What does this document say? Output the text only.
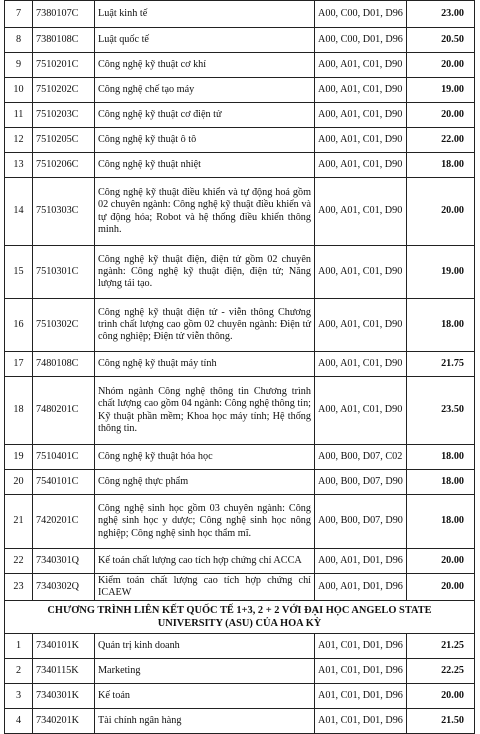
7	7380107C	Luật kinh tế	A00, C00, D01, D96	23.00
8	7380108C	Luật quốc tế	A00, C00, D01, D96	20.50
9	7510201C	Công nghệ kỹ thuật cơ khí	A00, A01, C01, D90	20.00
10	7510202C	Công nghệ chế tạo máy	A00, A01, C01, D90	19.00
11	7510203C	Công nghệ kỹ thuật cơ điện tử	A00, A01, C01, D90	20.00
12	7510205C	Công nghệ kỹ thuật ô tô	A00, A01, C01, D90	22.00
13	7510206C	Công nghệ kỹ thuật nhiệt	A00, A01, C01, D90	18.00
14	7510303C	Công nghệ kỹ thuật điều khiển và tự động hoá gồm 02 chuyên ngành: Công nghệ kỹ thuật điều khiển và tự động hóa; Robot và hệ thống điều khiển thông minh.	A00, A01, C01, D90	20.00
15	7510301C	Công nghệ kỹ thuật điện, điện tử gồm 02 chuyên ngành: Công nghệ kỹ thuật điện, điện tử; Năng lượng tái tạo.	A00, A01, C01, D90	19.00
16	7510302C	Công nghệ kỹ thuật điện tử - viễn thông Chương trình chất lượng cao gồm 02 chuyên ngành: Điện tử công nghiệp; Điện tử viễn thông.	A00, A01, C01, D90	18.00
17	7480108C	Công nghệ kỹ thuật máy tính	A00, A01, C01, D90	21.75
18	7480201C	Nhóm ngành Công nghệ thông tin Chương trình chất lượng cao gồm 04 ngành: Công nghệ thông tin; Kỹ thuật phần mềm; Khoa học máy tính; Hệ thống thông tin.	A00, A01, C01, D90	23.50
19	7510401C	Công nghệ kỹ thuật hóa học	A00, B00, D07, C02	18.00
20	7540101C	Công nghệ thực phẩm	A00, B00, D07, D90	18.00
21	7420201C	Công nghệ sinh học gồm 03 chuyên ngành: Công nghệ sinh học y dược; Công nghệ sinh học nông nghiệp; Công nghệ sinh học thẩm mĩ.	A00, B00, D07, D90	18.00
22	7340301Q	Kế toán chất lượng cao tích hợp chứng chỉ ACCA	A00, A01, D01, D96	20.00
23	7340302Q	Kiểm toán chất lượng cao tích hợp chứng chỉ ICAEW	A00, A01, D01, D96	20.00
CHƯƠNG TRÌNH LIÊN KẾT QUỐC TẾ 1+3, 2 + 2 VỚI ĐẠI HỌC ANGELO STATE UNIVERSITY (ASU) CỦA HOA KỲ				
1	7340101K	Quản trị kinh doanh	A01, C01, D01, D96	21.25
2	7340115K	Marketing	A01, C01, D01, D96	22.25
3	7340301K	Kế toán	A01, C01, D01, D96	20.00
4	7340201K	Tài chính ngân hàng	A01, C01, D01, D96	21.50
